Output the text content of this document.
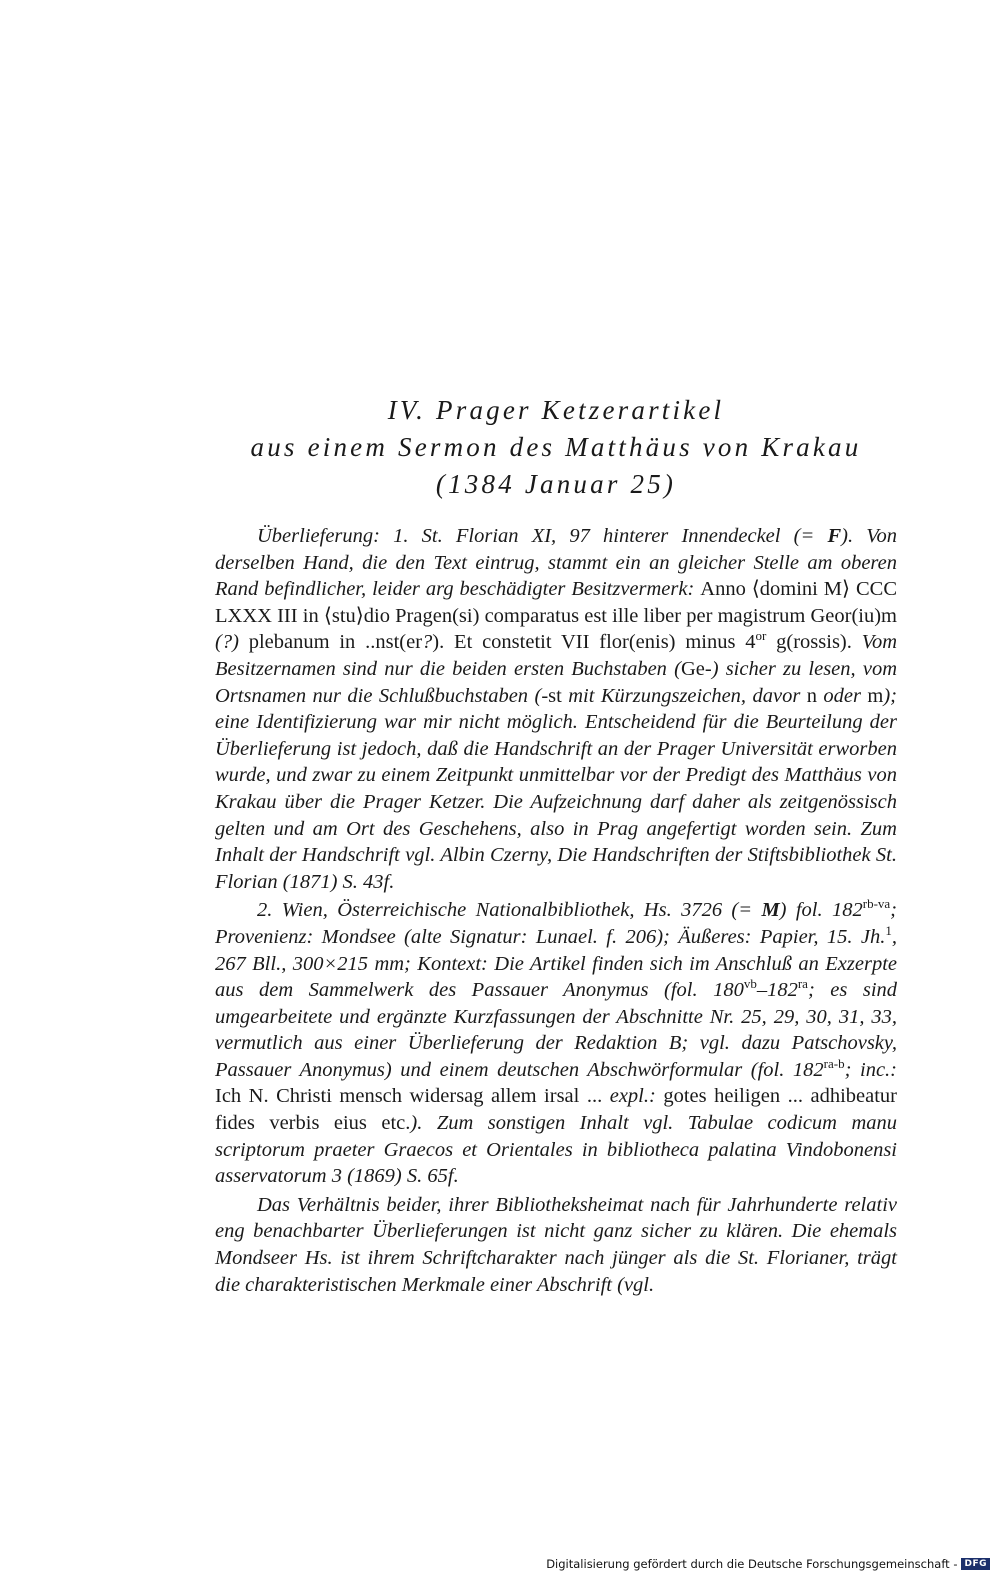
IV. Prager Ketzerartikel
aus einem Sermon des Matthäus von Krakau
(1384 Januar 25)

Überlieferung: 1. St. Florian XI, 97 hinterer Innendeckel (= F). Von derselben Hand, die den Text eintrug, stammt ein an gleicher Stelle am oberen Rand befindlicher, leider arg beschädigter Besitzvermerk: Anno ⟨domini M⟩ CCC LXXX III in ⟨stu⟩dio Pragen(si) comparatus est ille liber per magistrum Geor(iu)m (?) plebanum in ..nst(er?). Et constetit VII flor(enis) minus $4^{or}$ g(rossis). Vom Besitzernamen sind nur die beiden ersten Buchstaben (Ge-) sicher zu lesen, vom Ortsnamen nur die Schlußbuchstaben (-st mit Kürzungszeichen, davor n oder m); eine Identifizierung war mir nicht möglich. Entscheidend für die Beurteilung der Überlieferung ist jedoch, daß die Handschrift an der Prager Universität erworben wurde, und zwar zu einem Zeitpunkt unmittelbar vor der Predigt des Matthäus von Krakau über die Prager Ketzer. Die Aufzeichnung darf daher als zeitgenössisch gelten und am Ort des Geschehens, also in Prag angefertigt worden sein. Zum Inhalt der Handschrift vgl. Albin Czerny, Die Handschriften der Stiftsbibliothek St. Florian (1871) S. 43f.

2. Wien, Österreichische Nationalbibliothek, Hs. 3726 (= M) fol. $182^{rb-va}$; Provenienz: Mondsee (alte Signatur: Lunael. f. 206); Äußeres: Papier, 15. Jh.$^1$, 267 Bll., 300×215 mm; Kontext: Die Artikel finden sich im Anschluß an Exzerpte aus dem Sammelwerk des Passauer Anonymus (fol. $180^{vb}-182^{ra}$; es sind umgearbeitete und ergänzte Kurzfassungen der Abschnitte Nr. 25, 29, 30, 31, 33, vermutlich aus einer Überlieferung der Redaktion B; vgl. dazu Patschovsky, Passauer Anonymus) und einem deutschen Abschwörformular (fol. $182^{ra-b}$; inc.: Ich N. Christi mensch widersag allem irsal ... expl.: gotes heiligen ... adhibeatur fides verbis eius etc.). Zum sonstigen Inhalt vgl. Tabulae codicum manu scriptorum praeter Graecos et Orientales in bibliotheca palatina Vindobonensi asservatorum 3 (1869) S. 65f.

Das Verhältnis beider, ihrer Bibliotheksheimat nach für Jahrhunderte relativ eng benachbarter Überlieferungen ist nicht ganz sicher zu klären. Die ehemals Mondseer Hs. ist ihrem Schriftcharakter nach jünger als die St. Florianer, trägt die charakteristischen Merkmale einer Abschrift (vgl.

Digitalisierung gefördert durch die Deutsche Forschungsgemeinschaft - DFG
